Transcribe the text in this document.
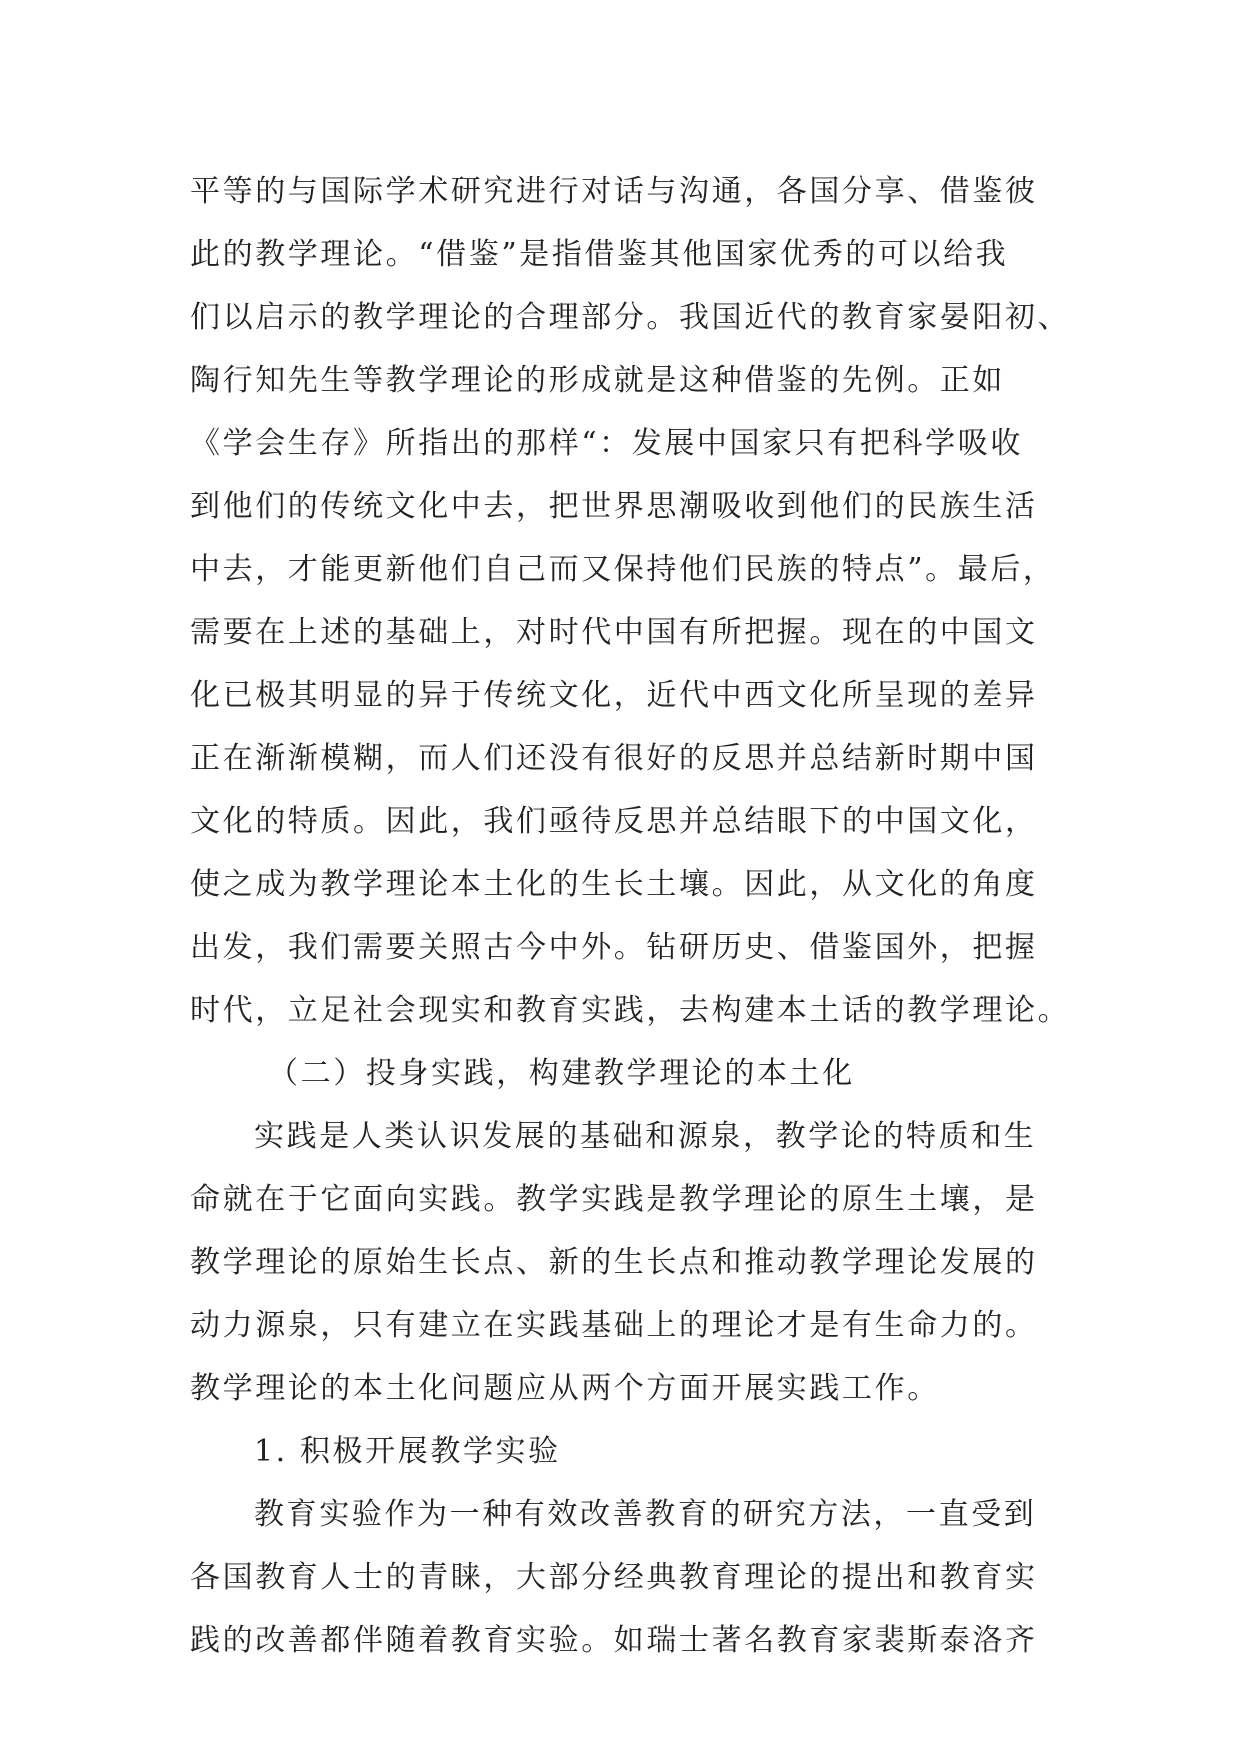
平等的与国际学术研究进行对话与沟通，各国分享、借鉴彼
此的教学理论。“借鉴”是指借鉴其他国家优秀的可以给我
们以启示的教学理论的合理部分。我国近代的教育家晏阳初、
陶行知先生等教学理论的形成就是这种借鉴的先例。正如
《学会生存》所指出的那样“：发展中国家只有把科学吸收
到他们的传统文化中去，把世界思潮吸收到他们的民族生活
中去，才能更新他们自己而又保持他们民族的特点”。最后，
需要在上述的基础上，对时代中国有所把握。现在的中国文
化已极其明显的异于传统文化，近代中西文化所呈现的差异
正在渐渐模糊，而人们还没有很好的反思并总结新时期中国
文化的特质。因此，我们亟待反思并总结眼下的中国文化，
使之成为教学理论本土化的生长土壤。因此，从文化的角度
出发，我们需要关照古今中外。钻研历史、借鉴国外，把握
时代，立足社会现实和教育实践，去构建本土话的教学理论。
（二）投身实践，构建教学理论的本土化
实践是人类认识发展的基础和源泉，教学论的特质和生
命就在于它面向实践。教学实践是教学理论的原生土壤，是
教学理论的原始生长点、新的生长点和推动教学理论发展的
动力源泉，只有建立在实践基础上的理论才是有生命力的。
教学理论的本土化问题应从两个方面开展实践工作。
1. 积极开展教学实验
教育实验作为一种有效改善教育的研究方法，一直受到
各国教育人士的青睐，大部分经典教育理论的提出和教育实
践的改善都伴随着教育实验。如瑞士著名教育家裴斯泰洛齐
